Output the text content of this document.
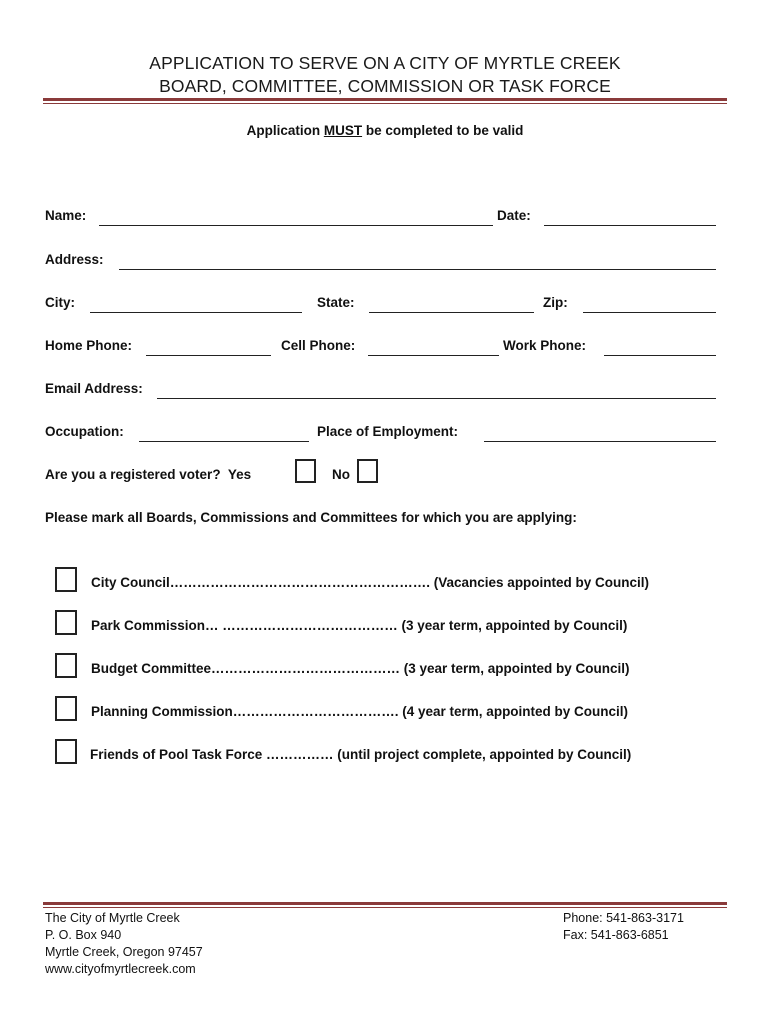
APPLICATION TO SERVE ON A CITY OF MYRTLE CREEK
BOARD, COMMITTEE, COMMISSION OR TASK FORCE
Application MUST be completed to be valid
Name:	Date:
Address:
City:	State:	Zip:
Home Phone:	Cell Phone:	Work Phone:
Email Address:
Occupation:	Place of Employment:
Are you a registered voter? Yes	No
Please mark all Boards, Commissions and Committees for which you are applying:
City Council…………………………………………………. (Vacancies appointed by Council)
Park Commission… ………………………………… (3 year term, appointed by Council)
Budget Committee…………………………………… (3 year term, appointed by Council)
Planning Commission………………………………. (4 year term, appointed by Council)
Friends of Pool Task Force …………… (until project complete, appointed by Council)
The City of Myrtle Creek
P. O. Box 940
Myrtle Creek, Oregon 97457
www.cityofmyrtlecreek.com
Phone: 541-863-3171
Fax: 541-863-6851
